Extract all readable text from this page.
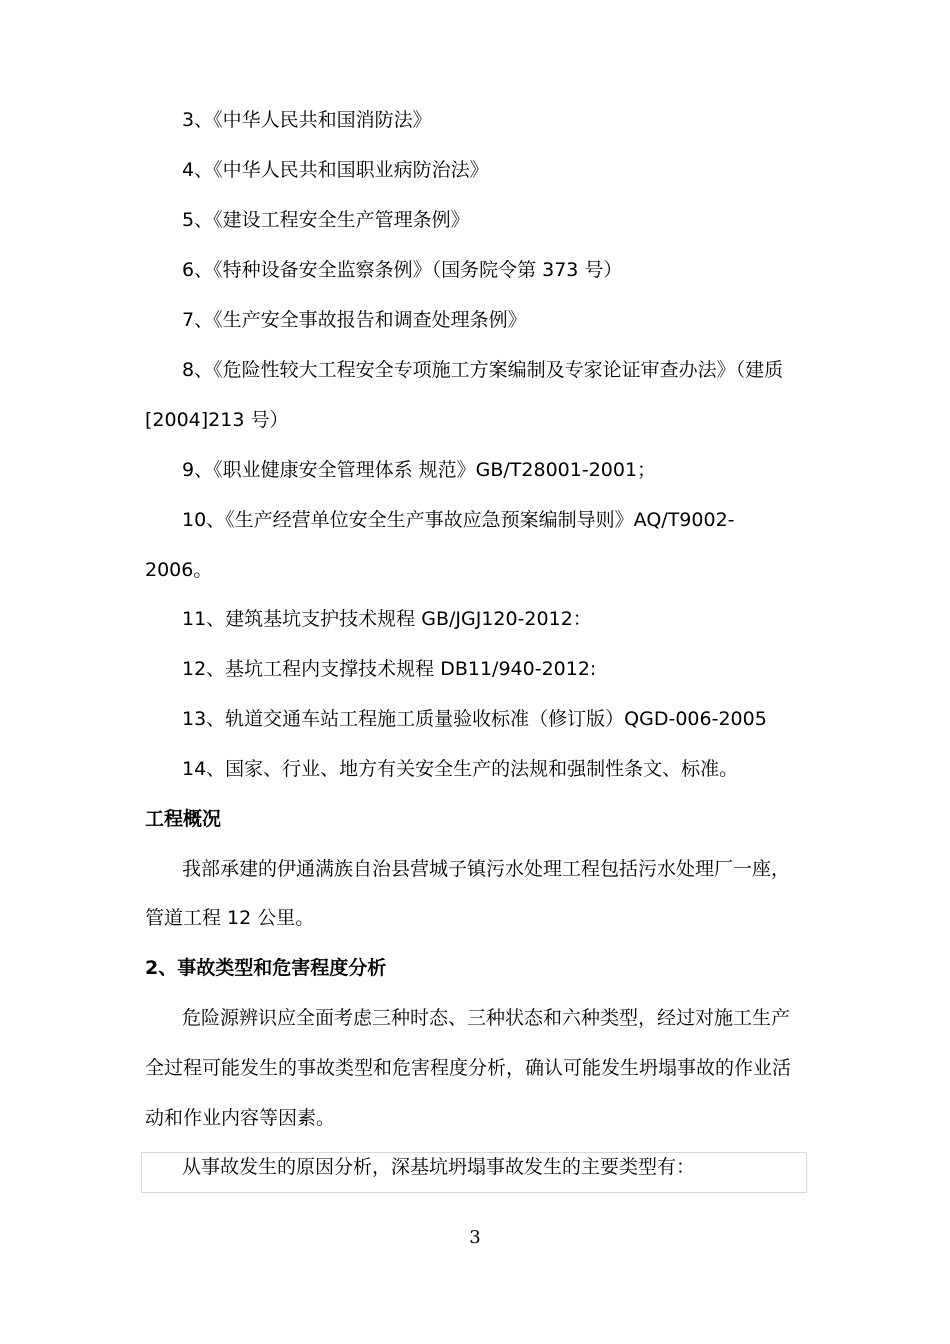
3、《中华人民共和国消防法》
4、《中华人民共和国职业病防治法》
5、《建设工程安全生产管理条例》
6、《特种设备安全监察条例》（国务院令第 373 号）
7、《生产安全事故报告和调查处理条例》
8、《危险性较大工程安全专项施工方案编制及专家论证审查办法》（建质
[2004]213 号）
9、《职业健康安全管理体系 规范》GB/T28001-2001；
10、《生产经营单位安全生产事故应急预案编制导则》AQ/T9002-
2006。
11、建筑基坑支护技术规程 GB/JGJ120-2012：
12、基坑工程内支撑技术规程 DB11/940-2012:
13、轨道交通车站工程施工质量验收标准（修订版）QGD-006-2005
14、国家、行业、地方有关安全生产的法规和强制性条文、标准。
工程概况
我部承建的伊通满族自治县营城子镇污水处理工程包括污水处理厂一座，
管道工程 12 公里。
2、事故类型和危害程度分析
危险源辨识应全面考虑三种时态、三种状态和六种类型，经过对施工生产
全过程可能发生的事故类型和危害程度分析，确认可能发生坍塌事故的作业活
动和作业内容等因素。
从事故发生的原因分析，深基坑坍塌事故发生的主要类型有：
3
